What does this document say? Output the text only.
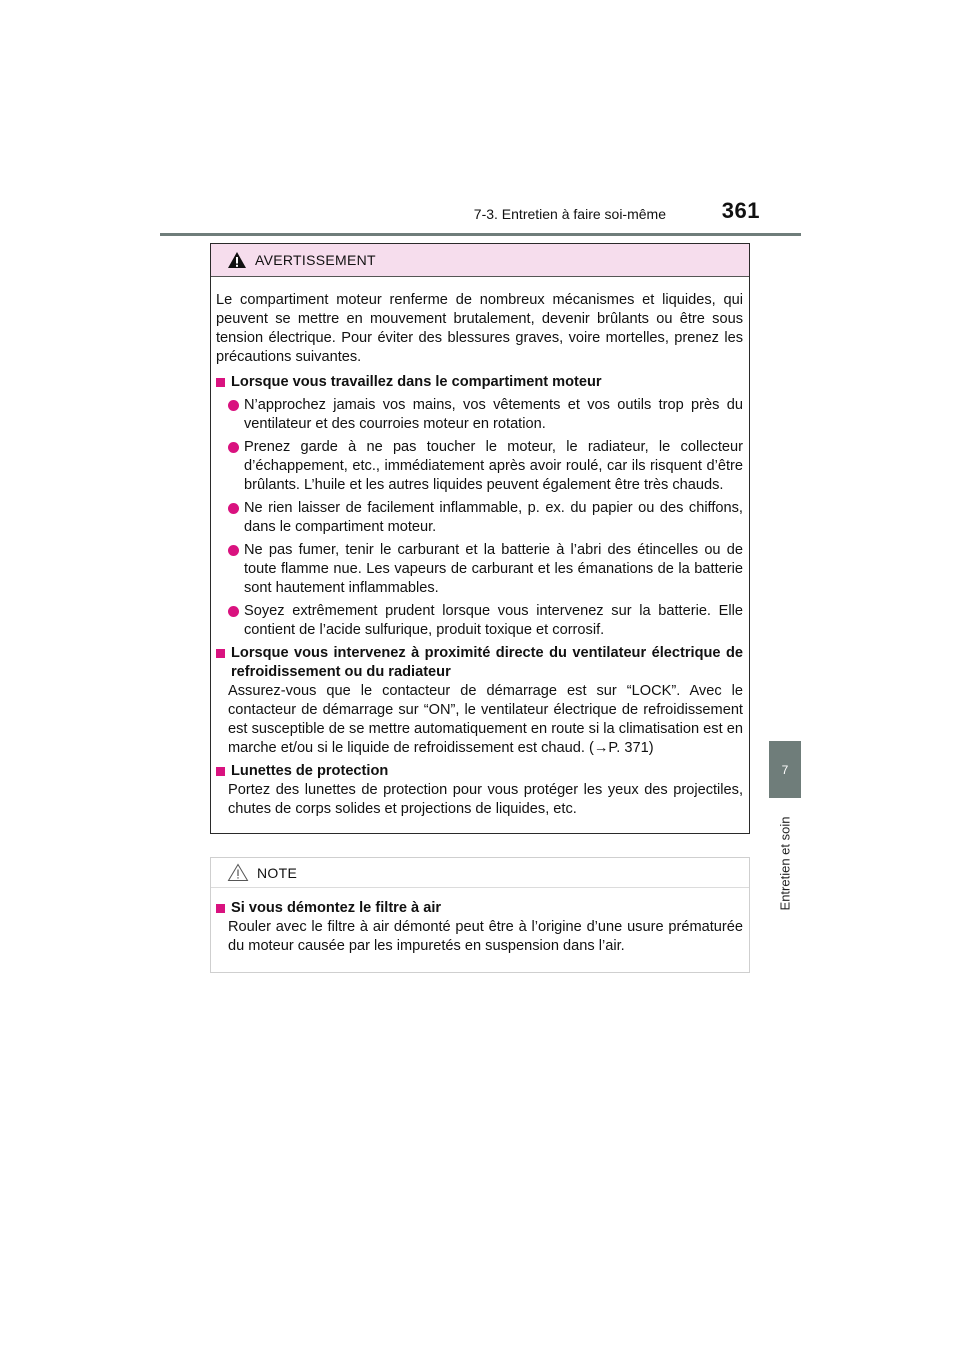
7-3. Entretien à faire soi-même	361
7
Entretien et soin
AVERTISSEMENT

Le compartiment moteur renferme de nombreux mécanismes et liquides, qui peuvent se mettre en mouvement brutalement, devenir brûlants ou être sous tension électrique. Pour éviter des blessures graves, voire mortelles, prenez les précautions suivantes.

Lorsque vous travaillez dans le compartiment moteur
N’approchez jamais vos mains, vos vêtements et vos outils trop près du ventilateur et des courroies moteur en rotation.
Prenez garde à ne pas toucher le moteur, le radiateur, le collecteur d’échappement, etc., immédiatement après avoir roulé, car ils risquent d’être brûlants. L’huile et les autres liquides peuvent également être très chauds.
Ne rien laisser de facilement inflammable, p. ex. du papier ou des chiffons, dans le compartiment moteur.
Ne pas fumer, tenir le carburant et la batterie à l’abri des étincelles ou de toute flamme nue. Les vapeurs de carburant et les émanations de la batterie sont hautement inflammables.
Soyez extrêmement prudent lorsque vous intervenez sur la batterie. Elle contient de l’acide sulfurique, produit toxique et corrosif.
Lorsque vous intervenez à proximité directe du ventilateur électrique de refroidissement ou du radiateur

Assurez-vous que le contacteur de démarrage est sur “LOCK”. Avec le contacteur de démarrage sur “ON”, le ventilateur électrique de refroidissement est susceptible de se mettre automatiquement en route si la climatisation est en marche et/ou si le liquide de refroidissement est chaud. (→P. 371)

Lunettes de protection

Portez des lunettes de protection pour vous protéger les yeux des projectiles, chutes de corps solides et projections de liquides, etc.

NOTE
Si vous démontez le filtre à air

Rouler avec le filtre à air démonté peut être à l’origine d’une usure prématurée du moteur causée par les impuretés en suspension dans l’air.
